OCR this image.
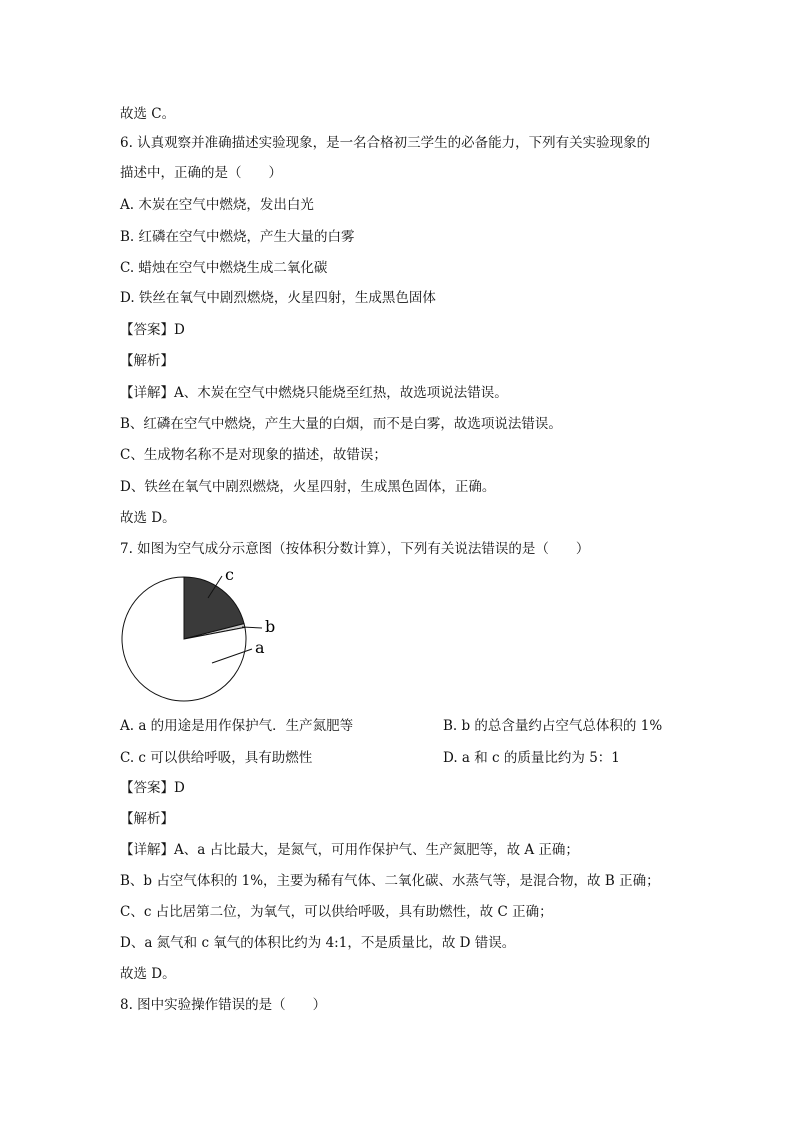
故选 C。
6. 认真观察并准确描述实验现象，是一名合格初三学生的必备能力，下列有关实验现象的
描述中，正确的是（　　）
A. 木炭在空气中燃烧，发出白光
B. 红磷在空气中燃烧，产生大量的白雾
C. 蜡烛在空气中燃烧生成二氧化碳
D. 铁丝在氧气中剧烈燃烧，火星四射，生成黑色固体
【答案】D
【解析】
【详解】A、木炭在空气中燃烧只能烧至红热，故选项说法错误。
B、红磷在空气中燃烧，产生大量的白烟，而不是白雾，故选项说法错误。
C、生成物名称不是对现象的描述，故错误；
D、铁丝在氧气中剧烈燃烧，火星四射，生成黑色固体，正确。
故选 D。
7. 如图为空气成分示意图（按体积分数计算），下列有关说法错误的是（　　）
a
b
c
A. a 的用途是用作保护气．生产氮肥等	B. b 的总含量约占空气总体积的 1%
C. c 可以供给呼吸，具有助燃性	D. a 和 c 的质量比约为 5：1
【答案】D
【解析】
【详解】A、a 占比最大，是氮气，可用作保护气、生产氮肥等，故 A 正确；
B、b 占空气体积的 1%，主要为稀有气体、二氧化碳、水蒸气等，是混合物，故 B 正确；
C、c 占比居第二位，为氧气，可以供给呼吸，具有助燃性，故 C 正确；
D、a 氮气和 c 氧气的体积比约为 4:1，不是质量比，故 D 错误。
故选 D。
8. 图中实验操作错误的是（　　）
